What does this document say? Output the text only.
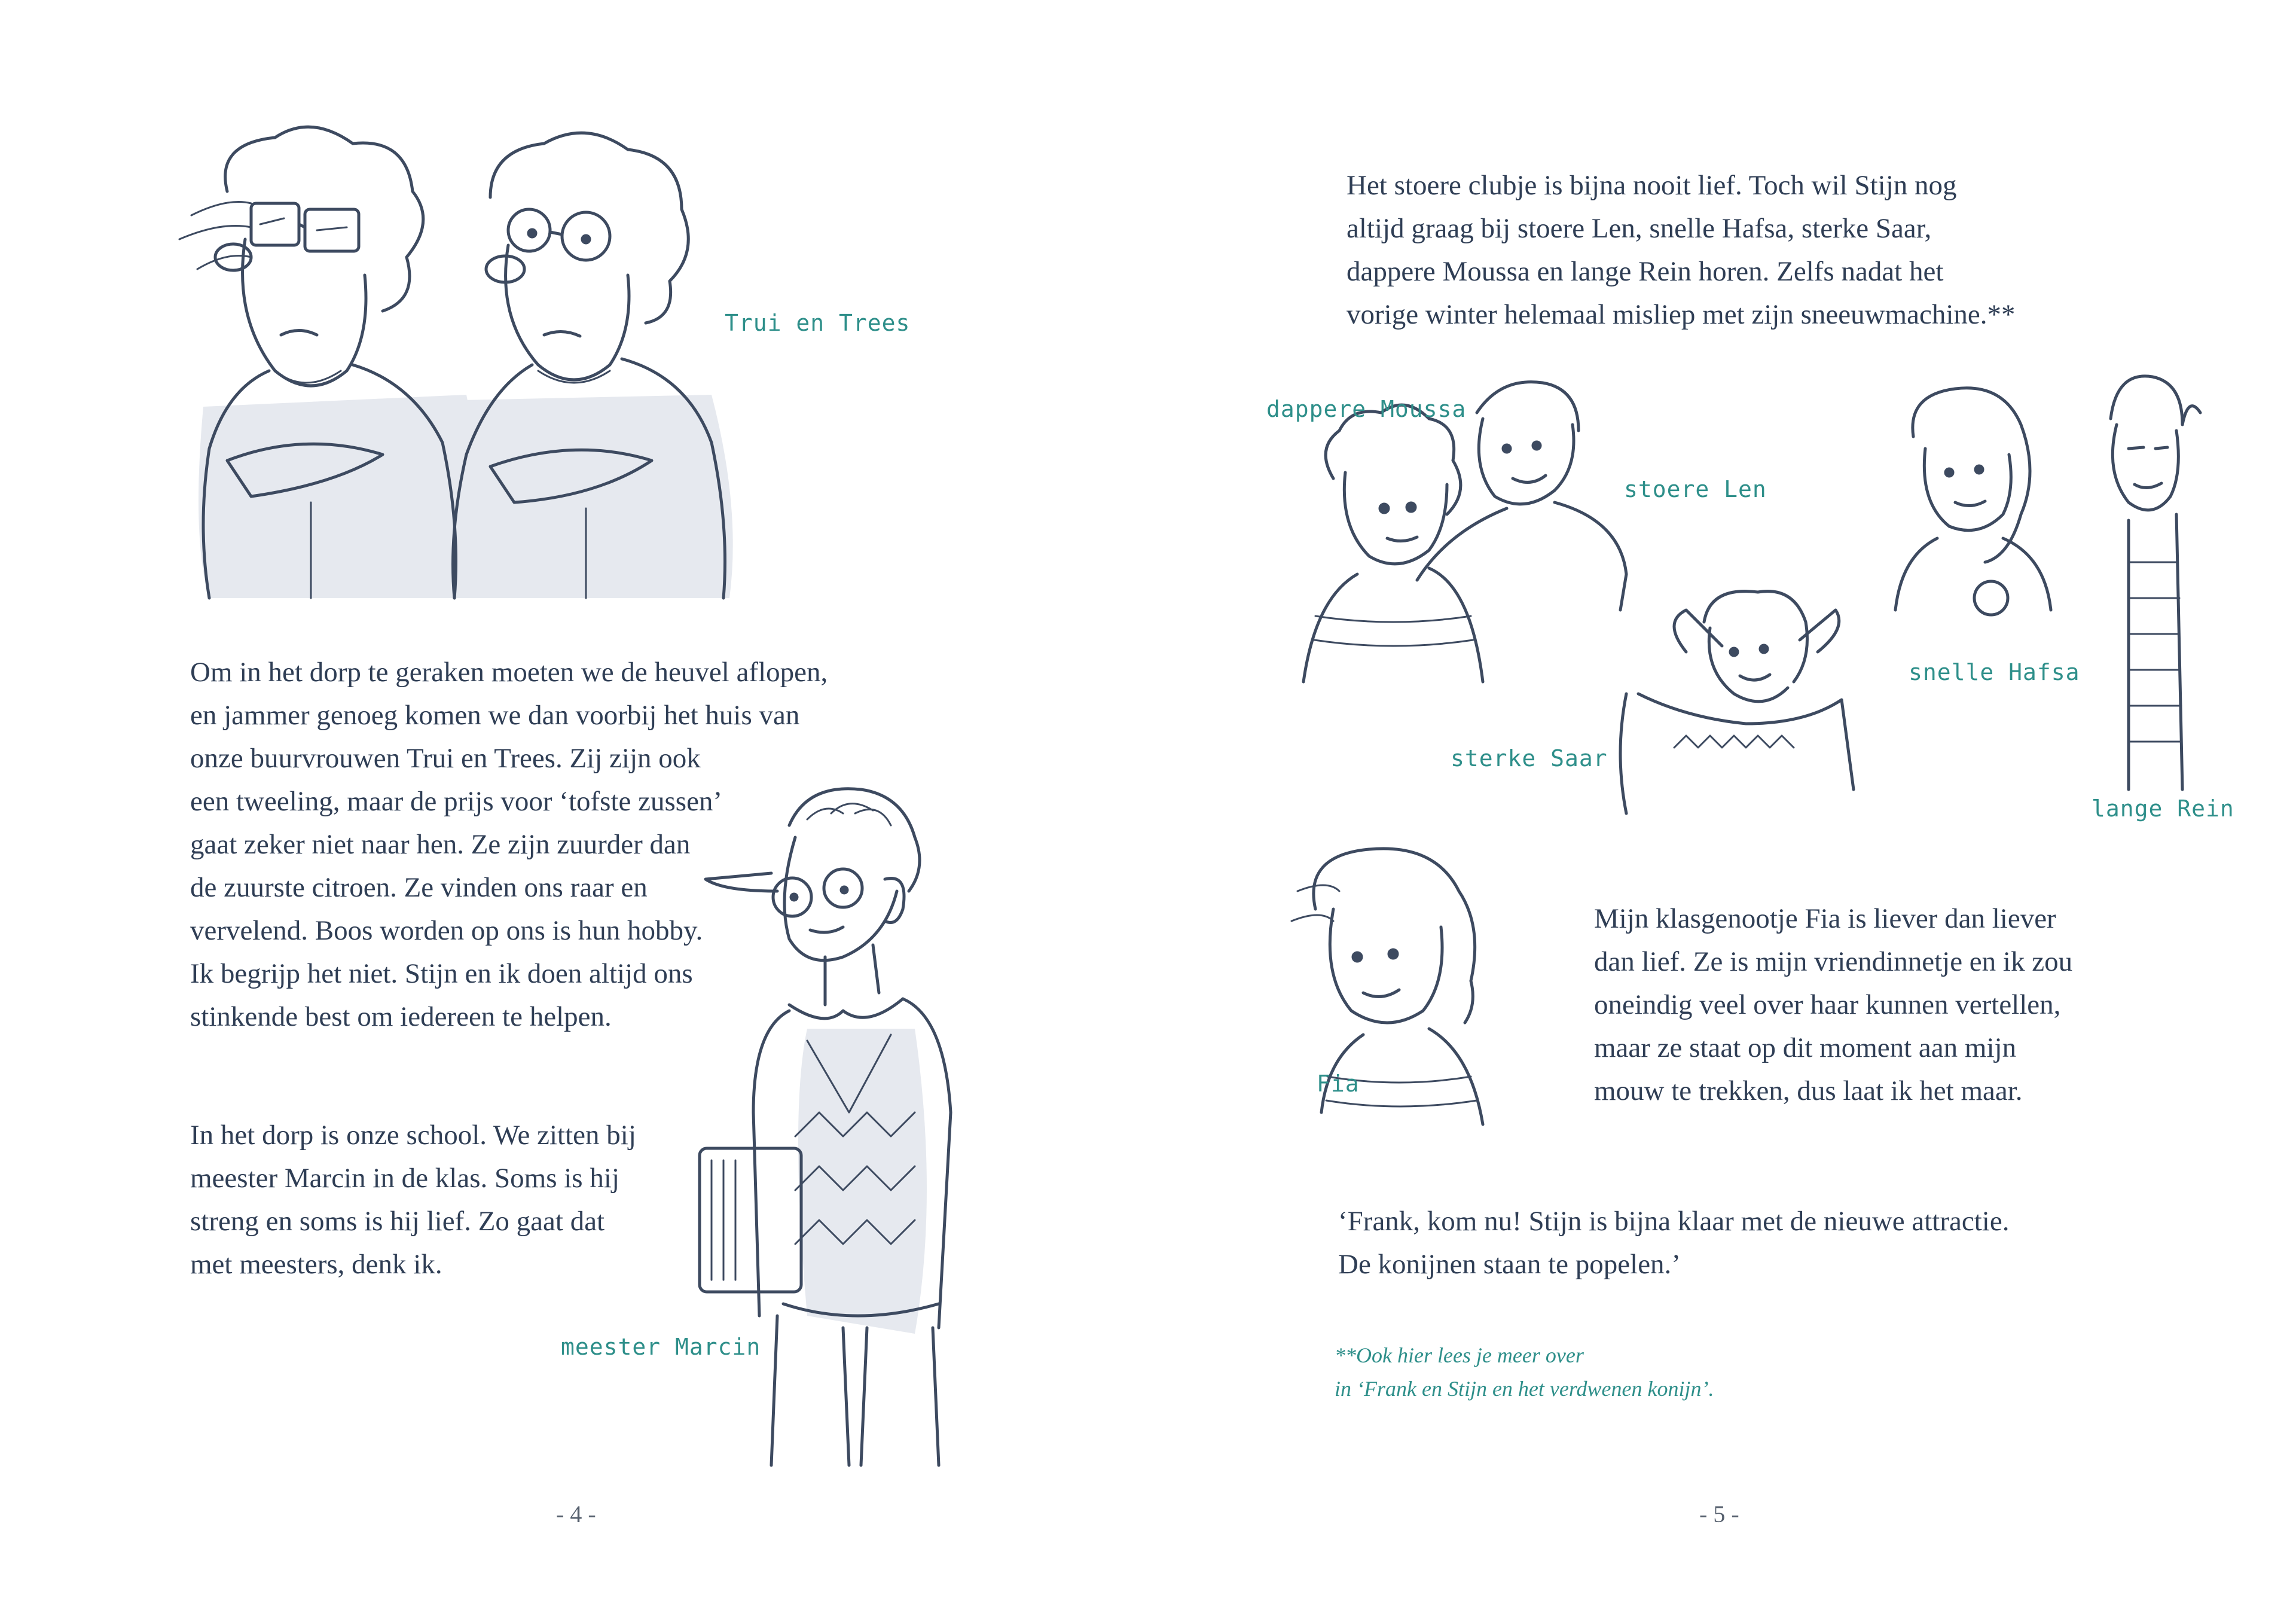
Trui en Trees
Om in het dorp te geraken moeten we de heuvel aflopen,
en jammer genoeg komen we dan voorbij het huis van
onze buurvrouwen Trui en Trees. Zij zijn ook
een tweeling, maar de prijs voor ‘tofste zussen’
gaat zeker niet naar hen. Ze zijn zuurder dan
de zuurste citroen. Ze vinden ons raar en
vervelend. Boos worden op ons is hun hobby.
Ik begrijp het niet. Stijn en ik doen altijd ons
stinkende best om iedereen te helpen.
In het dorp is onze school. We zitten bij
meester Marcin in de klas. Soms is hij
streng en soms is hij lief. Zo gaat dat
met meesters, denk ik.
meester Marcin
- 4 -
Het stoere clubje is bijna nooit lief. Toch wil Stijn nog
altijd graag bij stoere Len, snelle Hafsa, sterke Saar,
dappere Moussa en lange Rein horen. Zelfs nadat het
vorige winter helemaal misliep met zijn sneeuwmachine.**
dappere Moussa
stoere Len
snelle Hafsa
sterke Saar
lange Rein
Fia
Mijn klasgenootje Fia is liever dan liever
dan lief. Ze is mijn vriendinnetje en ik zou
oneindig veel over haar kunnen vertellen,
maar ze staat op dit moment aan mijn
mouw te trekken, dus laat ik het maar.
‘Frank, kom nu! Stijn is bijna klaar met de nieuwe attractie.
De konijnen staan te popelen.’
**Ook hier lees je meer over
in ‘Frank en Stijn en het verdwenen konijn’.
- 5 -
